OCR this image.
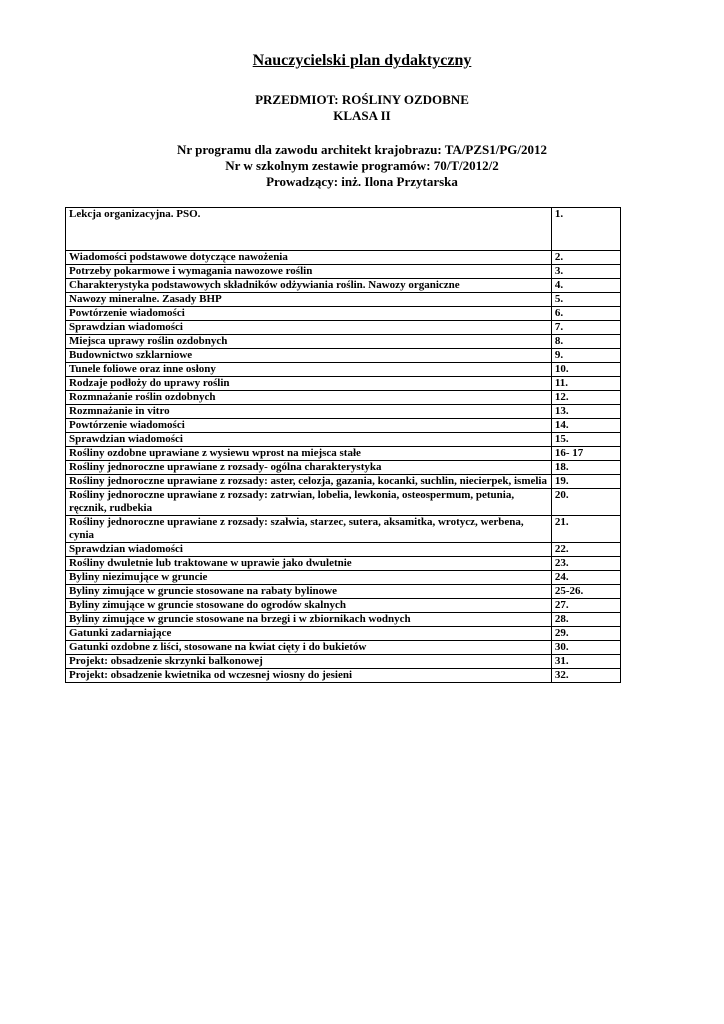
Nauczycielski plan dydaktyczny
PRZEDMIOT: ROŚLINY OZDOBNE
KLASA II
Nr programu dla zawodu architekt krajobrazu: TA/PZS1/PG/2012
Nr w szkolnym zestawie programów: 70/T/2012/2
Prowadzący: inż. Ilona Przytarska
Lekcja organizacyjna. PSO.	1.
Wiadomości podstawowe dotyczące nawożenia	2.
Potrzeby pokarmowe i wymagania nawozowe roślin	3.
Charakterystyka podstawowych składników odżywiania roślin. Nawozy organiczne	4.
Nawozy mineralne. Zasady BHP	5.
Powtórzenie wiadomości	6.
Sprawdzian wiadomości	7.
Miejsca uprawy roślin ozdobnych	8.
Budownictwo szklarniowe	9.
Tunele foliowe oraz inne osłony	10.
Rodzaje podłoży do uprawy roślin	11.
Rozmnażanie roślin ozdobnych	12.
Rozmnażanie in vitro	13.
Powtórzenie wiadomości	14.
Sprawdzian wiadomości	15.
Rośliny ozdobne uprawiane z wysiewu wprost na miejsca stałe	16- 17
Rośliny jednoroczne uprawiane z rozsady- ogólna charakterystyka	18.
Rośliny jednoroczne uprawiane z rozsady: aster, celozja, gazania, kocanki, suchlin, niecierpek, ismelia	19.
Rośliny jednoroczne uprawiane z rozsady: zatrwian, lobelia, lewkonia, osteospermum, petunia, ręcznik, rudbekia	20.
Rośliny jednoroczne uprawiane z rozsady: szałwia, starzec, sutera, aksamitka, wrotycz, werbena, cynia	21.
Sprawdzian wiadomości	22.
Rośliny dwuletnie lub traktowane w uprawie jako dwuletnie	23.
Byliny niezimujące w gruncie	24.
Byliny zimujące w gruncie stosowane na rabaty bylinowe	25-26.
Byliny zimujące w gruncie stosowane do ogrodów skalnych	27.
Byliny zimujące w gruncie stosowane na brzegi i w zbiornikach wodnych	28.
Gatunki zadarniające	29.
Gatunki ozdobne z liści, stosowane na kwiat cięty i do bukietów	30.
Projekt: obsadzenie skrzynki balkonowej	31.
Projekt: obsadzenie kwietnika od wczesnej wiosny do jesieni	32.
